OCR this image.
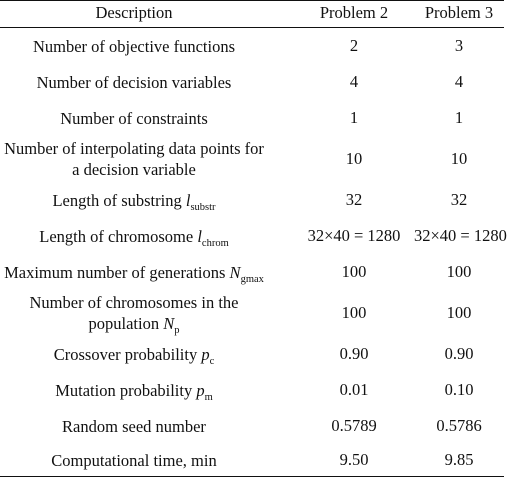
Description	Problem 2	Problem 3

Number of objective functions	2	3

Number of decision variables	4	4

Number of constraints	1	1

Number of interpolating data points for
a decision variable	10	10

Length of substring $l_{substr}$	32	32

Length of chromosome $l_{chrom}$	32×40 = 1280	32×40 = 1280

Maximum number of generations $N_{gmax}$	100	100

Number of chromosomes in the
population $N_p$	100	100

Crossover probability $p_c$	0.90	0.90

Mutation probability $p_m$	0.01	0.10

Random seed number	0.5789	0.5786

Computational time, min	9.50	9.85
